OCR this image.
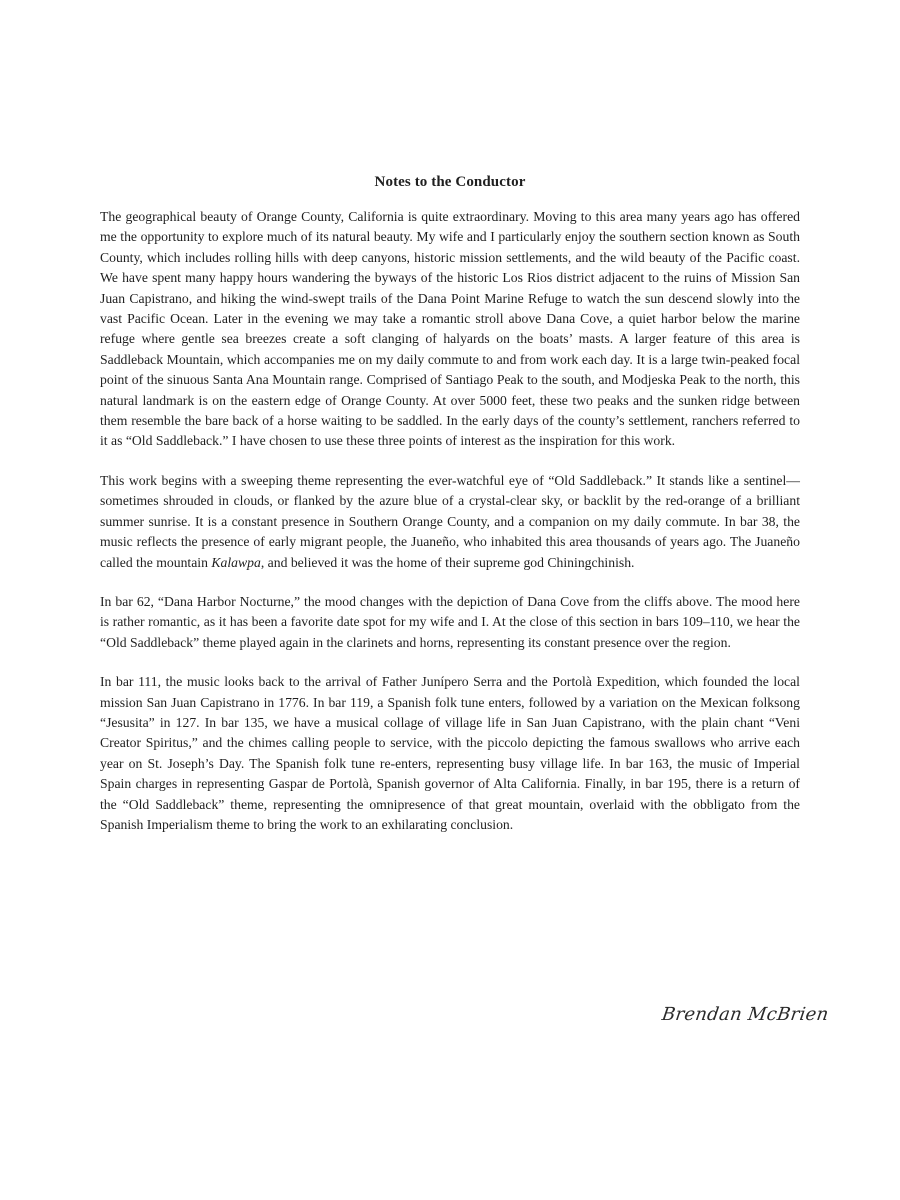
Notes to the Conductor

The geographical beauty of Orange County, California is quite extraordinary. Moving to this area many years ago has offered me the opportunity to explore much of its natural beauty. My wife and I particularly enjoy the southern section known as South County, which includes rolling hills with deep canyons, historic mission settlements, and the wild beauty of the Pacific coast. We have spent many happy hours wandering the byways of the historic Los Rios district adjacent to the ruins of Mission San Juan Capistrano, and hiking the wind-swept trails of the Dana Point Marine Refuge to watch the sun descend slowly into the vast Pacific Ocean. Later in the evening we may take a romantic stroll above Dana Cove, a quiet harbor below the marine refuge where gentle sea breezes create a soft clanging of halyards on the boats’ masts. A larger feature of this area is Saddleback Mountain, which accompanies me on my daily commute to and from work each day. It is a large twin-peaked focal point of the sinuous Santa Ana Mountain range. Comprised of Santiago Peak to the south, and Modjeska Peak to the north, this natural landmark is on the eastern edge of Orange County. At over 5000 feet, these two peaks and the sunken ridge between them resemble the bare back of a horse waiting to be saddled. In the early days of the county’s settlement, ranchers referred to it as “Old Saddleback.” I have chosen to use these three points of interest as the inspiration for this work.

This work begins with a sweeping theme representing the ever-watchful eye of “Old Saddleback.” It stands like a sentinel—sometimes shrouded in clouds, or flanked by the azure blue of a crystal-clear sky, or backlit by the red-orange of a brilliant summer sunrise. It is a constant presence in Southern Orange County, and a companion on my daily commute. In bar 38, the music reflects the presence of early migrant people, the Juaneño, who inhabited this area thousands of years ago. The Juaneño called the mountain Kalawpa, and believed it was the home of their supreme god Chiningchinish.

In bar 62, “Dana Harbor Nocturne,” the mood changes with the depiction of Dana Cove from the cliffs above. The mood here is rather romantic, as it has been a favorite date spot for my wife and I. At the close of this section in bars 109–110, we hear the “Old Saddleback” theme played again in the clarinets and horns, representing its constant presence over the region.

In bar 111, the music looks back to the arrival of Father Junípero Serra and the Portolà Expedition, which founded the local mission San Juan Capistrano in 1776. In bar 119, a Spanish folk tune enters, followed by a variation on the Mexican folksong “Jesusita” in 127. In bar 135, we have a musical collage of village life in San Juan Capistrano, with the plain chant “Veni Creator Spiritus,” and the chimes calling people to service, with the piccolo depicting the famous swallows who arrive each year on St. Joseph’s Day. The Spanish folk tune re-enters, representing busy village life. In bar 163, the music of Imperial Spain charges in representing Gaspar de Portolà, Spanish governor of Alta California. Finally, in bar 195, there is a return of the “Old Saddleback” theme, representing the omnipresence of that great mountain, overlaid with the obbligato from the Spanish Imperialism theme to bring the work to an exhilarating conclusion.

Brendan McBrien
